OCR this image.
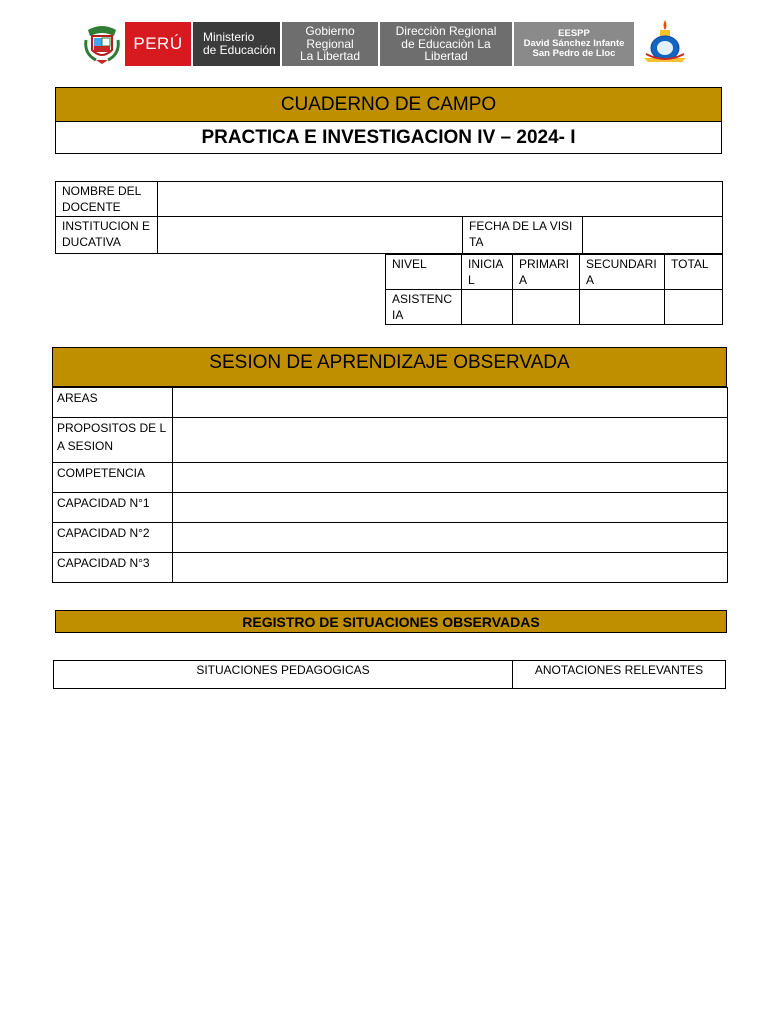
PERÚ Ministerio
de Educación
Gobierno Regional
La Libertad
Direcciòn Regional
de Educaciòn La Libertad
EESPP
David Sánchez Infante
San Pedro de Lloc
CUADERNO DE CAMPO
PRACTICA E INVESTIGACION IV – 2024- I
NOMBRE DEL DOCENTE			
INSTITUCION EDUCATIVA		FECHA DE LA VISITA	
NIVEL	INICIAL	PRIMARIA	SECUNDARIA	TOTAL
ASISTENCIA				
SESION DE APRENDIZAJE OBSERVADA
AREAS	
PROPOSITOS DE LA SESION	
COMPETENCIA	
CAPACIDAD N°1	
CAPACIDAD N°2	
CAPACIDAD N°3	
REGISTRO DE SITUACIONES OBSERVADAS
SITUACIONES PEDAGOGICAS	ANOTACIONES RELEVANTES
